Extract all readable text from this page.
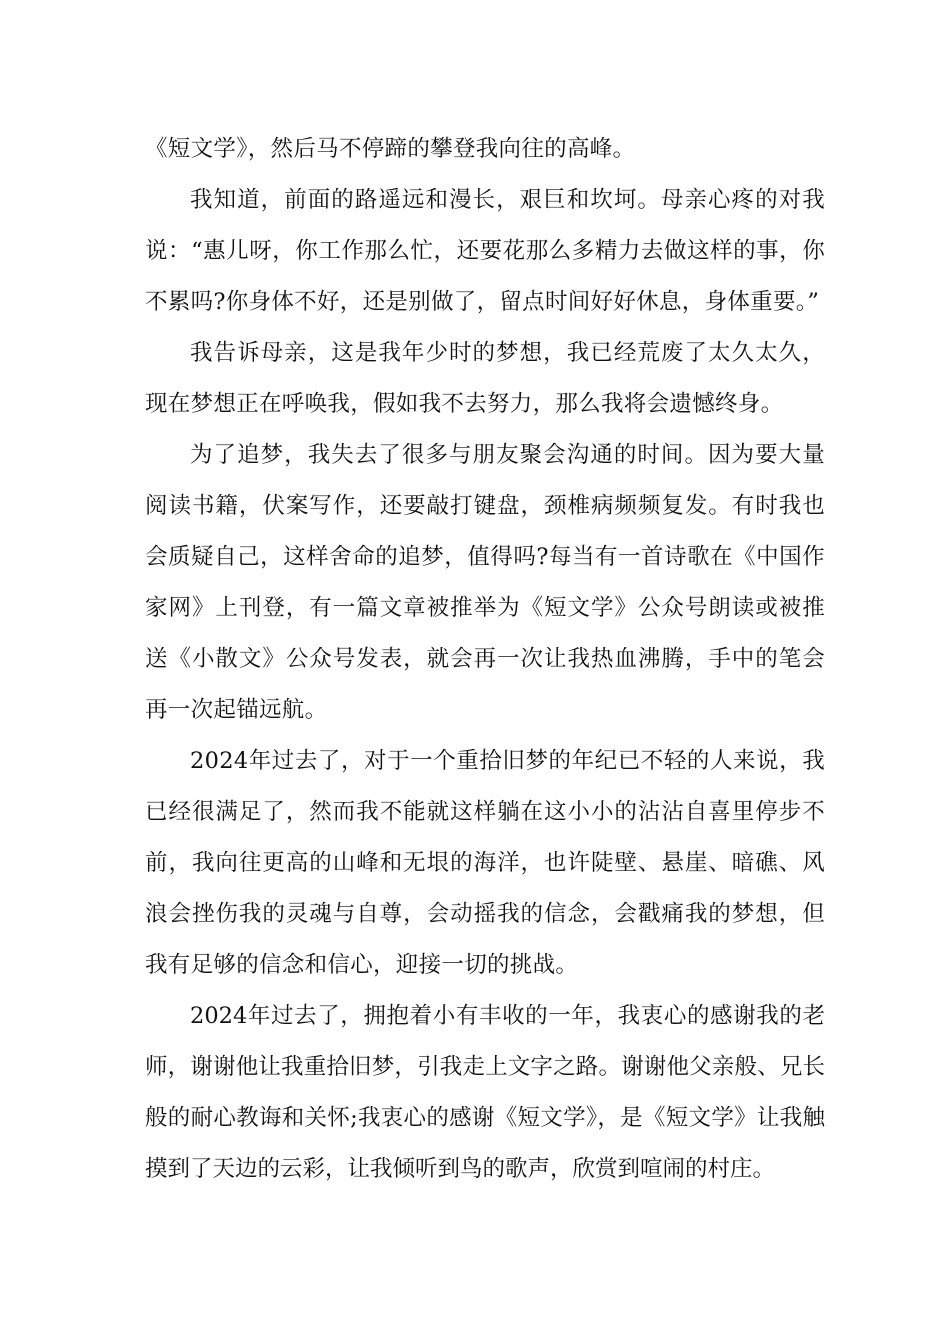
《短文学》，然后马不停蹄的攀登我向往的高峰。

我知道，前面的路遥远和漫长，艰巨和坎坷。母亲心疼的对我说：“惠儿呀，你工作那么忙，还要花那么多精力去做这样的事，你不累吗?你身体不好，还是别做了，留点时间好好休息，身体重要。”

我告诉母亲，这是我年少时的梦想，我已经荒废了太久太久，现在梦想正在呼唤我，假如我不去努力，那么我将会遗憾终身。

为了追梦，我失去了很多与朋友聚会沟通的时间。因为要大量阅读书籍，伏案写作，还要敲打键盘，颈椎病频频复发。有时我也会质疑自己，这样舍命的追梦，值得吗?每当有一首诗歌在《中国作家网》上刊登，有一篇文章被推举为《短文学》公众号朗读或被推送《小散文》公众号发表，就会再一次让我热血沸腾，手中的笔会再一次起锚远航。

2024年过去了，对于一个重拾旧梦的年纪已不轻的人来说，我已经很满足了，然而我不能就这样躺在这小小的沾沾自喜里停步不前，我向往更高的山峰和无垠的海洋，也许陡壁、悬崖、暗礁、风浪会挫伤我的灵魂与自尊，会动摇我的信念，会戳痛我的梦想，但我有足够的信念和信心，迎接一切的挑战。

2024年过去了，拥抱着小有丰收的一年，我衷心的感谢我的老师，谢谢他让我重拾旧梦，引我走上文字之路。谢谢他父亲般、兄长般的耐心教诲和关怀;我衷心的感谢《短文学》，是《短文学》让我触摸到了天边的云彩，让我倾听到鸟的歌声，欣赏到喧闹的村庄。
